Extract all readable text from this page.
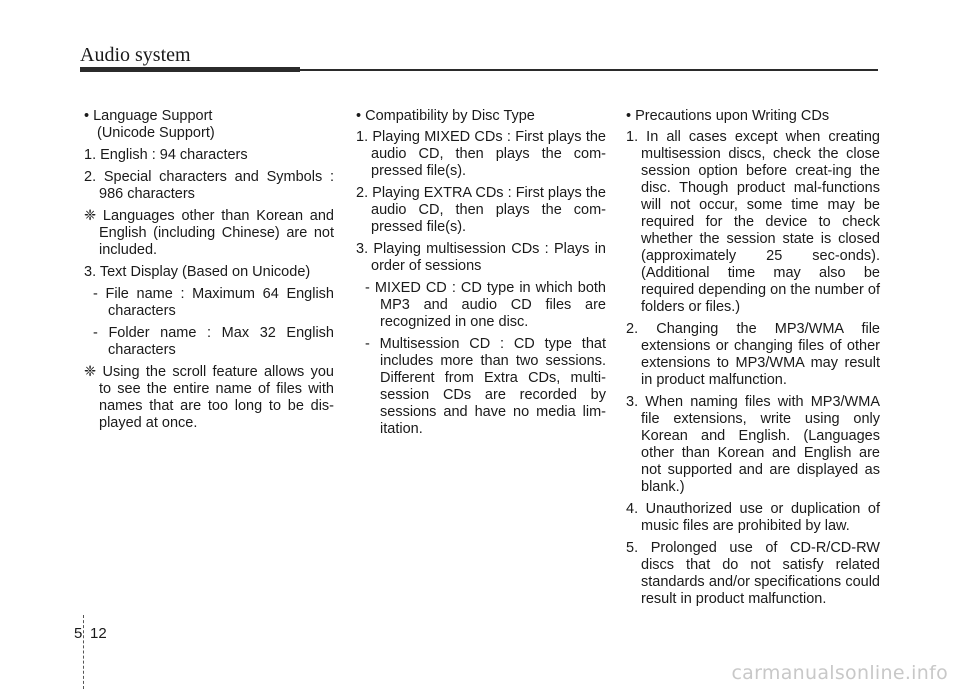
Audio system
• Language Support
(Unicode Support)
1. English : 94 characters
2. Special characters and Symbols : 986 characters
❈ Languages other than Korean and English (including Chinese) are not included.
3. Text Display (Based on Unicode)
- File name : Maximum 64 English characters
- Folder name : Max 32 English characters
❈ Using the scroll feature allows you to see the entire name of files with names that are too long to be dis-played at once.
• Compatibility by Disc Type
1. Playing MIXED CDs : First plays the audio CD, then plays the com-pressed file(s).
2. Playing EXTRA CDs : First plays the audio CD, then plays the com-pressed file(s).
3. Playing multisession CDs : Plays in order of sessions
- MIXED CD : CD type in which both MP3 and audio CD files are recognized in one disc.
- Multisession CD : CD type that includes more than two sessions. Different from Extra CDs, multi-session CDs are recorded by sessions and have no media lim-itation.
• Precautions upon Writing CDs
1. In all cases except when creating multisession discs, check the close session option before creat-ing the disc. Though product mal-functions will not occur, some time may be required for the device to check whether the session state is closed (approximately 25 sec-onds). (Additional time may also be required depending on the number of folders or files.)
2. Changing the MP3/WMA file extensions or changing files of other extensions to MP3/WMA may result in product malfunction.
3. When naming files with MP3/WMA file extensions, write using only Korean and English. (Languages other than Korean and English are not supported and are displayed as blank.)
4. Unauthorized use or duplication of music files are prohibited by law.
5. Prolonged use of CD-R/CD-RW discs that do not satisfy related standards and/or specifications could result in product malfunction.
5 12
carmanualsonline.info
